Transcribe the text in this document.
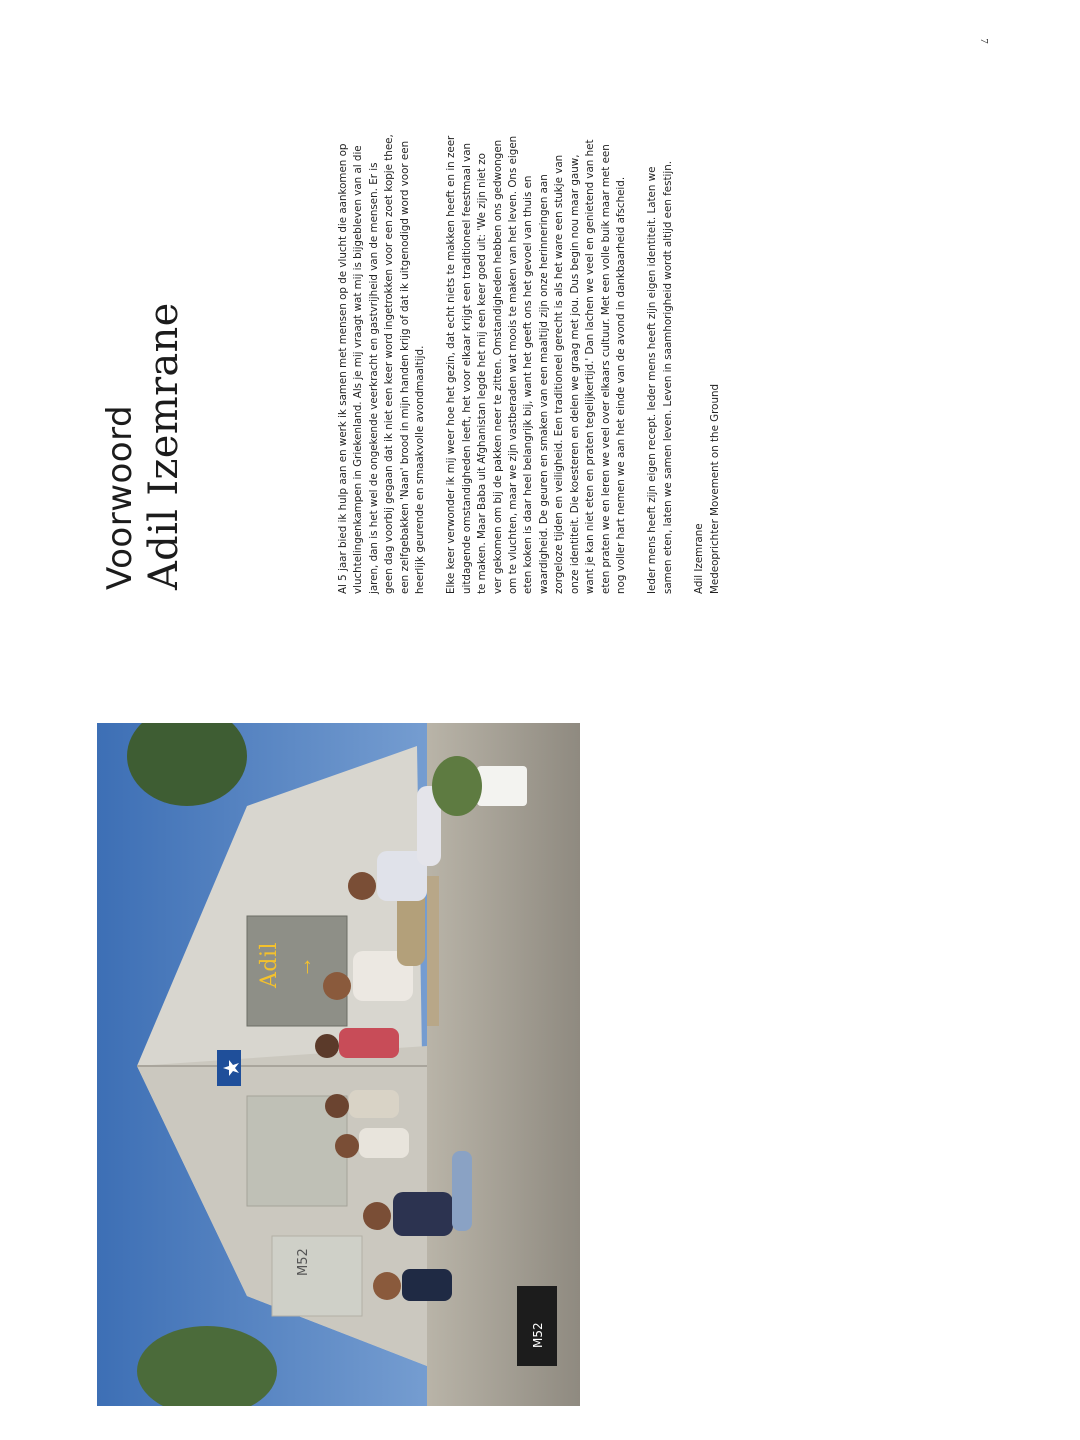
7
M52
M52
Adil →
Voorwoord Adil Izemrane	Al 5 jaar bied ik hulp aan en werk ik samen met mensen op de vlucht die aankomen op vluchtelingenkampen in Griekenland. Als je mij vraagt wat mij is bijgebleven van al die jaren, dan is het wel de ongekende veerkracht en gastvrijheid van de mensen. Er is geen dag voorbij gegaan dat ik niet een keer word ingetrokken voor een zoet kopje thee, een zelfgebakken 'Naan' brood in mijn handen krijg of dat ik uitgenodigd word voor een heerlijk geurende en smaakvolle avondmaaltijd. Elke keer verwonder ik mij weer hoe het gezin, dat echt niets te makken heeft en in zeer uitdagende omstandigheden leeft, het voor elkaar krijgt een traditioneel feestmaal van te maken. Maar Baba uit Afghanistan legde het mij een keer goed uit: 'We zijn niet zo ver gekomen om bij de pakken neer te zitten. Omstandigheden hebben ons gedwongen om te vluchten, maar we zijn vastberaden wat moois te maken van het leven. Ons eigen eten koken is daar heel belangrijk bij, want het geeft ons het gevoel van thuis en waardigheid. De geuren en smaken van een maaltijd zijn onze herinneringen aan zorgeloze tijden en veiligheid. Een traditioneel gerecht is als het ware een stukje van onze identiteit. Die koesteren en delen we graag met jou. Dus begin nou maar gauw, want je kan niet eten en praten tegelijkertijd.' Dan lachen we veel en genietend van het eten praten we en leren we veel over elkaars cultuur. Met een volle buik maar met een nog voller hart nemen we aan het einde van de avond in dankbaarheid afscheid. Ieder mens heeft zijn eigen recept. Ieder mens heeft zijn eigen identiteit. Laten we samen eten, laten we samen leven. Leven in saamhorigheid wordt altijd een festijn. Adil Izemrane Medeoprichter Movement on the Ground
